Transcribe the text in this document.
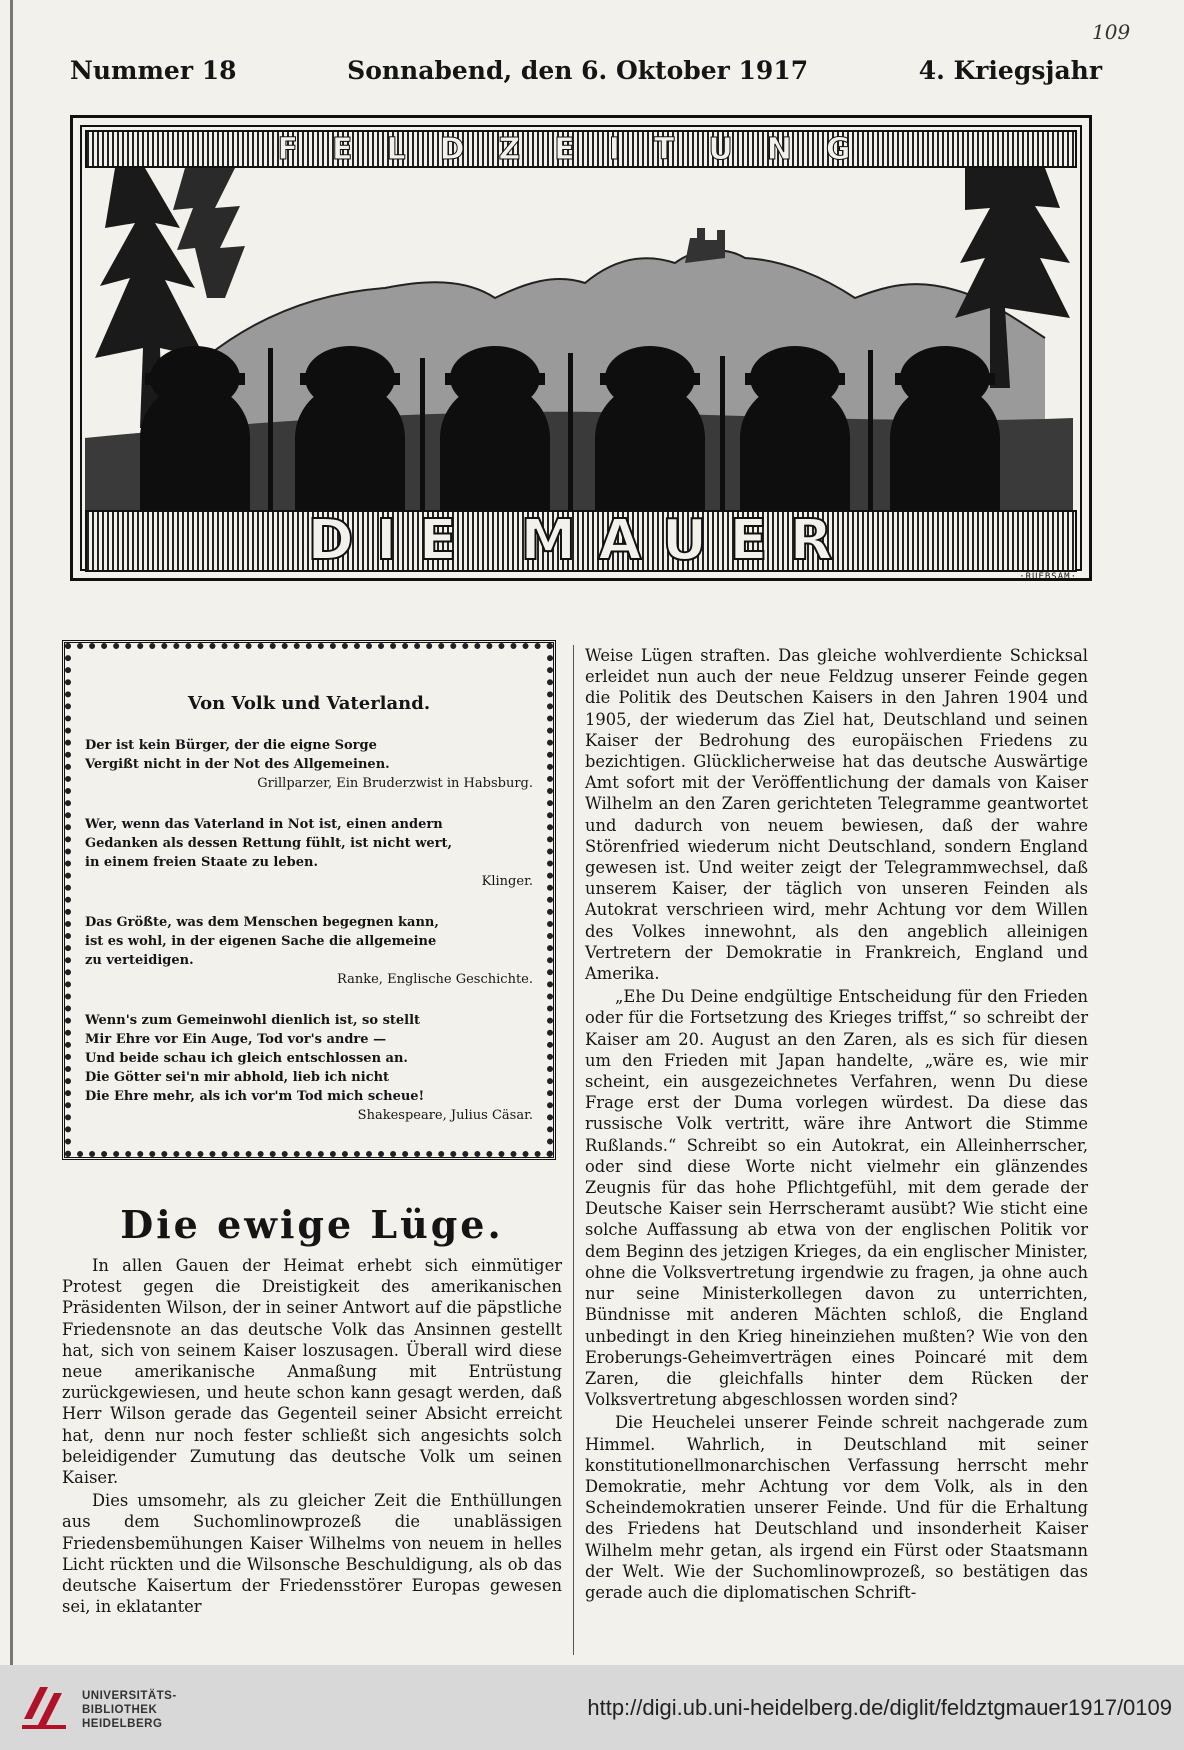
109
Nummer 18	Sonnabend, den 6. Oktober 1917	4. Kriegsjahr
FELDZEITUNG
DIE MAUER
·RUEBSAM·
Von Volk und Vaterland.
Der ist kein Bürger, der die eigne Sorge
Vergißt nicht in der Not des Allgemeinen.
Grillparzer, Ein Bruderzwist in Habsburg.
Wer, wenn das Vaterland in Not ist, einen andern
Gedanken als dessen Rettung fühlt, ist nicht wert,
in einem freien Staate zu leben.
Klinger.
Das Größte, was dem Menschen begegnen kann,
ist es wohl, in der eigenen Sache die allgemeine
zu verteidigen.
Ranke, Englische Geschichte.
Wenn's zum Gemeinwohl dienlich ist, so stellt
Mir Ehre vor Ein Auge, Tod vor's andre —
Und beide schau ich gleich entschlossen an.
Die Götter sei'n mir abhold, lieb ich nicht
Die Ehre mehr, als ich vor'm Tod mich scheue!
Shakespeare, Julius Cäsar.
Die ewige Lüge.

In allen Gauen der Heimat erhebt sich einmütiger Protest gegen die Dreistigkeit des amerikanischen Präsidenten Wilson, der in seiner Antwort auf die päpstliche Friedensnote an das deutsche Volk das Ansinnen gestellt hat, sich von seinem Kaiser loszusagen. Überall wird diese neue amerikanische Anmaßung mit Entrüstung zurückgewiesen, und heute schon kann gesagt werden, daß Herr Wilson gerade das Gegenteil seiner Absicht erreicht hat, denn nur noch fester schließt sich angesichts solch beleidigender Zumutung das deutsche Volk um seinen Kaiser.

Dies umsomehr, als zu gleicher Zeit die Enthüllungen aus dem Suchomlinowprozeß die unablässigen Friedensbemühungen Kaiser Wilhelms von neuem in helles Licht rückten und die Wilsonsche Beschuldigung, als ob das deutsche Kaisertum der Friedensstörer Europas gewesen sei, in eklatanter

Weise Lügen straften. Das gleiche wohlverdiente Schicksal erleidet nun auch der neue Feldzug unserer Feinde gegen die Politik des Deutschen Kaisers in den Jahren 1904 und 1905, der wiederum das Ziel hat, Deutschland und seinen Kaiser der Bedrohung des europäischen Friedens zu bezichtigen. Glücklicherweise hat das deutsche Auswärtige Amt sofort mit der Veröffentlichung der damals von Kaiser Wilhelm an den Zaren gerichteten Telegramme geantwortet und dadurch von neuem bewiesen, daß der wahre Störenfried wiederum nicht Deutschland, sondern England gewesen ist. Und weiter zeigt der Telegrammwechsel, daß unserem Kaiser, der täglich von unseren Feinden als Autokrat verschrieen wird, mehr Achtung vor dem Willen des Volkes innewohnt, als den angeblich alleinigen Vertretern der Demokratie in Frankreich, England und Amerika.

„Ehe Du Deine endgültige Entscheidung für den Frieden oder für die Fortsetzung des Krieges triffst,“ so schreibt der Kaiser am 20. August an den Zaren, als es sich für diesen um den Frieden mit Japan handelte, „wäre es, wie mir scheint, ein ausgezeichnetes Verfahren, wenn Du diese Frage erst der Duma vorlegen würdest. Da diese das russische Volk vertritt, wäre ihre Antwort die Stimme Rußlands.“ Schreibt so ein Autokrat, ein Alleinherrscher, oder sind diese Worte nicht vielmehr ein glänzendes Zeugnis für das hohe Pflichtgefühl, mit dem gerade der Deutsche Kaiser sein Herrscheramt ausübt? Wie sticht eine solche Auffassung ab etwa von der englischen Politik vor dem Beginn des jetzigen Krieges, da ein englischer Minister, ohne die Volksvertretung irgendwie zu fragen, ja ohne auch nur seine Ministerkollegen davon zu unterrichten, Bündnisse mit anderen Mächten schloß, die England unbedingt in den Krieg hineinziehen mußten? Wie von den Eroberungs-Geheimverträgen eines Poincaré mit dem Zaren, die gleichfalls hinter dem Rücken der Volksvertretung abgeschlossen worden sind?

Die Heuchelei unserer Feinde schreit nachgerade zum Himmel. Wahrlich, in Deutschland mit seiner konstitutionellmonarchischen Verfassung herrscht mehr Demokratie, mehr Achtung vor dem Volk, als in den Scheindemokratien unserer Feinde. Und für die Erhaltung des Friedens hat Deutschland und insonderheit Kaiser Wilhelm mehr getan, als irgend ein Fürst oder Staatsmann der Welt. Wie der Suchomlinowprozeß, so bestätigen das gerade auch die diplomatischen Schrift-

UNIVERSITÄTS-
BIBLIOTHEK
HEIDELBERG
http://digi.ub.uni-heidelberg.de/diglit/feldztgmauer1917/0109
